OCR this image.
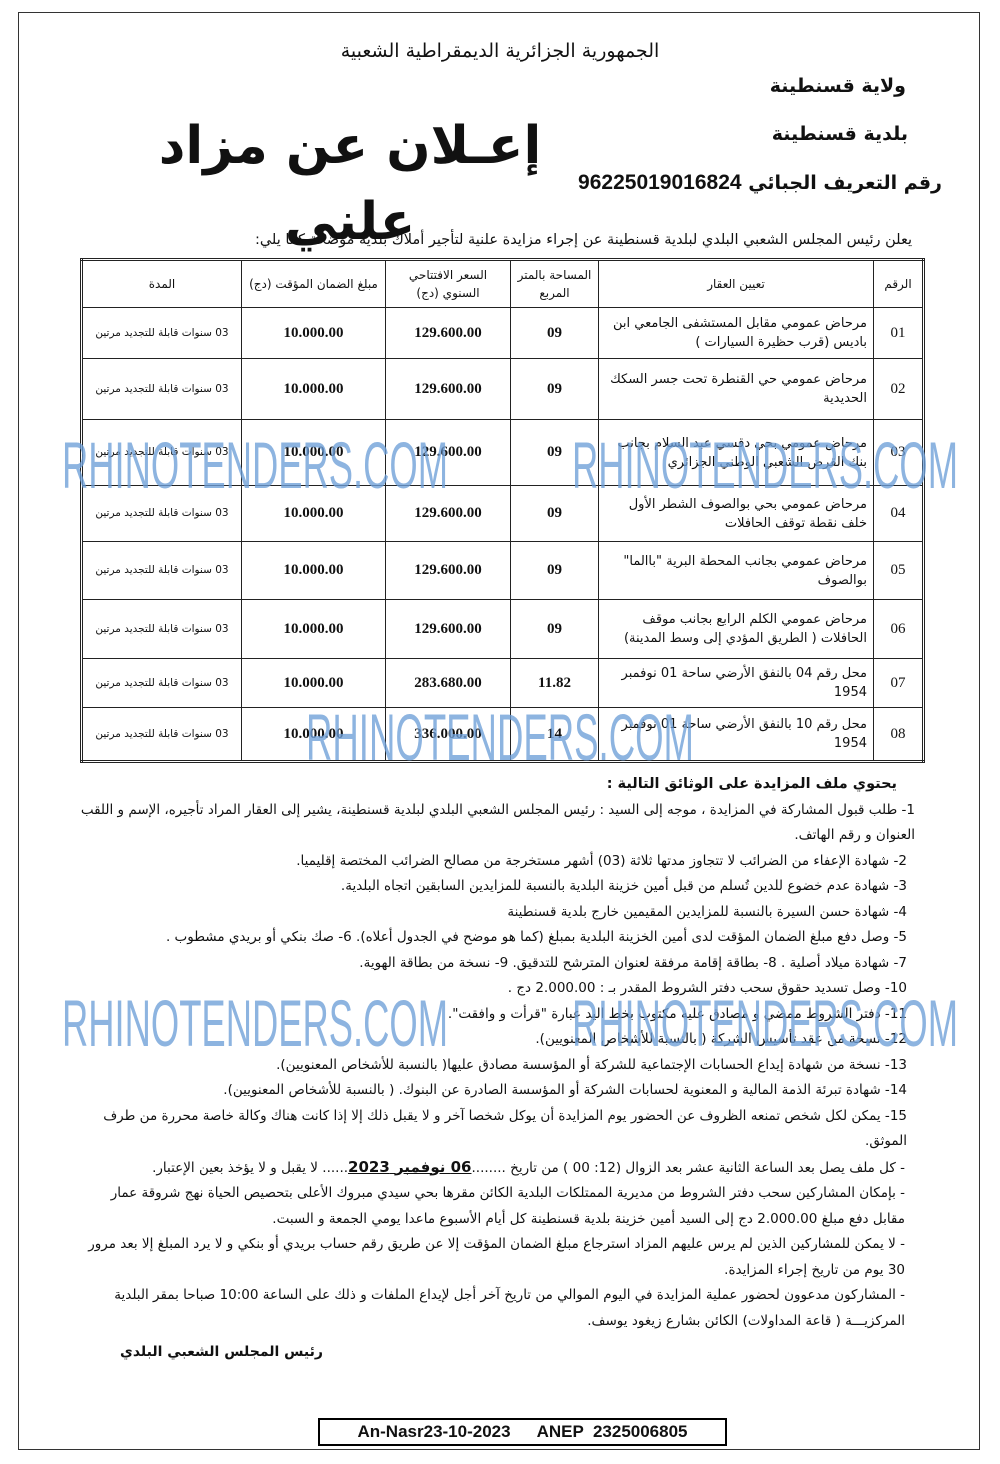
الجمهورية الجزائرية الديمقراطية الشعبية
ولاية قسنطينة
بلدية قسنطينة
رقم التعريف الجبائي 96225019016824
إعـلان عن مزاد علني
يعلن رئيس المجلس الشعبي البلدي لبلدية قسنطينة عن إجراء مزايدة علنية لتأجير أملاك بلدية موضحة كما يلي:
الرقم	تعيين العقار	المساحة بالمتر المربع	السعر الافتتاحي السنوي (دج)	مبلغ الضمان المؤقت (دج)	المدة
01	مرحاض عمومي مقابل المستشفى الجامعي ابن باديس (قرب حظيرة السيارات )	09	129.600.00	10.000.00	03 سنوات قابلة للتجديد مرتين
02	مرحاض عمومي حي القنطرة تحت جسر السكك الحديدية	09	129.600.00	10.000.00	03 سنوات قابلة للتجديد مرتين
03	مرحاض عمومي بحي دقسي عبد السلام بجانب بنك القرض الشعبي الوطني الجزائري	09	129.600.00	10.000.00	03 سنوات قابلة للتجديد مرتين
04	مرحاض عمومي بحي بوالصوف الشطر الأول خلف نقطة توقف الحافلات	09	129.600.00	10.000.00	03 سنوات قابلة للتجديد مرتين
05	مرحاض عمومي بجانب المحطة البرية "باالما" بوالصوف	09	129.600.00	10.000.00	03 سنوات قابلة للتجديد مرتين
06	مرحاض عمومي الكلم الرابع بجانب موقف الحافلات ( الطريق المؤدي إلى وسط المدينة)	09	129.600.00	10.000.00	03 سنوات قابلة للتجديد مرتين
07	محل رقم 04 بالنفق الأرضي ساحة 01 نوفمبر 1954	11.82	283.680.00	10.000.00	03 سنوات قابلة للتجديد مرتين
08	محل رقم 10 بالنفق الأرضي ساحة 01 نوفمبر 1954	14	336.000.00	10.000.00	03 سنوات قابلة للتجديد مرتين

يحتوي ملف المزايدة على الوثائق التالية :

1- طلب قبول المشاركة في المزايدة ، موجه إلى السيد : رئيس المجلس الشعبي البلدي لبلدية قسنطينة، يشير إلى العقار المراد تأجيره، الإسم و اللقب العنوان و رقم الهاتف.

2- شهادة الإعفاء من الضرائب لا تتجاوز مدتها ثلاثة (03) أشهر مستخرجة من مصالح الضرائب المختصة إقليميا.

3- شهادة عدم خضوع للدين تُسلم من قبل أمين خزينة البلدية بالنسبة للمزايدين السابقين اتجاه البلدية.

4- شهادة حسن السيرة بالنسبة للمزايدين المقيمين خارج بلدية قسنطينة

5- وصل دفع مبلغ الضمان المؤقت لدى أمين الخزينة البلدية بمبلغ (كما هو موضح في الجدول أعلاه). 6- صك بنكي أو بريدي مشطوب .

7- شهادة ميلاد أصلية . 8- بطاقة إقامة مرفقة لعنوان المترشح للتدقيق. 9- نسخة من بطاقة الهوية.

10- وصل تسديد حقوق سحب دفتر الشروط المقدر بـ : 2.000.00 دج .

11- دفتر الشروط ممضي و مصادق عليه مكتوب بخط اليد عبارة "قرأت و وافقت".

12- نسخة من عقد تأسيس الشركة ( بالنسبة للأشخاص المعنويين).

13- نسخة من شهادة إيداع الحسابات الإجتماعية للشركة أو المؤسسة مصادق عليها( بالنسبة للأشخاص المعنويين).

14- شهادة تبرئة الذمة المالية و المعنوية لحسابات الشركة أو المؤسسة الصادرة عن البنوك. ( بالنسبة للأشخاص المعنويين).

15- يمكن لكل شخص تمنعه الظروف عن الحضور يوم المزايدة أن يوكل شخصا آخر و لا يقبل ذلك إلا إذا كانت هناك وكالة خاصة محررة من طرف الموثق.

- كل ملف يصل بعد الساعة الثانية عشر بعد الزوال (12: 00 ) من تاريخ ........06 نوفمبر 2023...... لا يقبل و لا يؤخذ بعين الإعتبار.

- بإمكان المشاركين سحب دفتر الشروط من مديرية الممتلكات البلدية الكائن مقرها بحي سيدي مبروك الأعلى بتحصيص الحياة نهج شروقة عمار مقابل دفع مبلغ 2.000.00 دج إلى السيد أمين خزينة بلدية قسنطينة كل أيام الأسبوع ماعدا يومي الجمعة و السبت.

- لا يمكن للمشاركين الذين لم يرس عليهم المزاد استرجاع مبلغ الضمان المؤقت إلا عن طريق رقم حساب بريدي أو بنكي و لا يرد المبلغ إلا بعد مرور 30 يوم من تاريخ إجراء المزايدة.

- المشاركون مدعوون لحضور عملية المزايدة في اليوم الموالي من تاريخ آخر أجل لإيداع الملفات و ذلك على الساعة 10:00 صباحا بمقر البلدية المركزيـــة ( قاعة المداولات) الكائن بشارع زيغود يوسف.

رئيس المجلس الشعبي البلدي

RHINOTENDERS.COM RHINOTENDERS.COM
RHINOTENDERS.COM
RHINOTENDERS.COM RHINOTENDERS.COM
An-Nasr23-10-2023 ANEP  2325006805
